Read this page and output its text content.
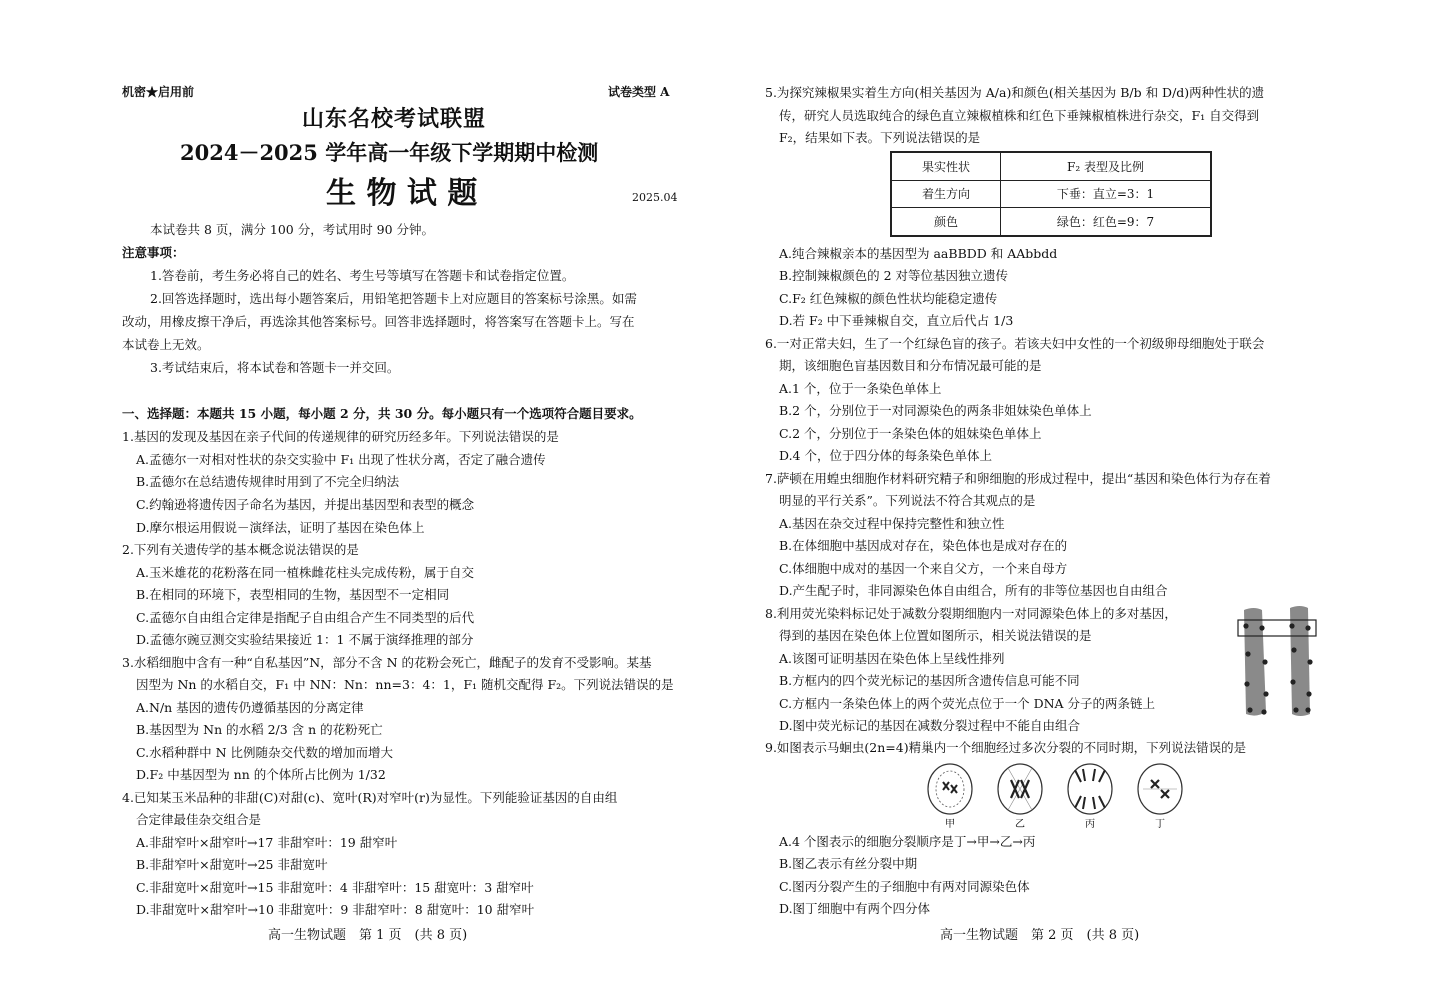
机密★启用前	试卷类型 A
山东名校考试联盟
2024－2025 学年高一年级下学期期中检测
生 物 试 题	2025.04
本试卷共 8 页，满分 100 分，考试用时 90 分钟。
注意事项：
1.答卷前，考生务必将自己的姓名、考生号等填写在答题卡和试卷指定位置。
2.回答选择题时，选出每小题答案后，用铅笔把答题卡上对应题目的答案标号涂黑。如需
改动，用橡皮擦干净后，再选涂其他答案标号。回答非选择题时，将答案写在答题卡上。写在
本试卷上无效。
3.考试结束后，将本试卷和答题卡一并交回。
一、选择题：本题共 15 小题，每小题 2 分，共 30 分。每小题只有一个选项符合题目要求。
1.基因的发现及基因在亲子代间的传递规律的研究历经多年。下列说法错误的是
A.孟德尔一对相对性状的杂交实验中 F₁ 出现了性状分离，否定了融合遗传
B.孟德尔在总结遗传规律时用到了不完全归纳法
C.约翰逊将遗传因子命名为基因，并提出基因型和表型的概念
D.摩尔根运用假说－演绎法，证明了基因在染色体上
2.下列有关遗传学的基本概念说法错误的是
A.玉米雄花的花粉落在同一植株雌花柱头完成传粉，属于自交
B.在相同的环境下，表型相同的生物，基因型不一定相同
C.孟德尔自由组合定律是指配子自由组合产生不同类型的后代
D.孟德尔豌豆测交实验结果接近 1：1 不属于演绎推理的部分
3.水稻细胞中含有一种“自私基因”N，部分不含 N 的花粉会死亡，雌配子的发育不受影响。某基
因型为 Nn 的水稻自交，F₁ 中 NN：Nn：nn=3：4：1，F₁ 随机交配得 F₂。下列说法错误的是
A.N/n 基因的遗传仍遵循基因的分离定律
B.基因型为 Nn 的水稻 2/3 含 n 的花粉死亡
C.水稻种群中 N 比例随杂交代数的增加而增大
D.F₂ 中基因型为 nn 的个体所占比例为 1/32
4.已知某玉米品种的非甜(C)对甜(c)、宽叶(R)对窄叶(r)为显性。下列能验证基因的自由组
合定律最佳杂交组合是
A.非甜窄叶×甜窄叶→17 非甜窄叶：19 甜窄叶
B.非甜窄叶×甜宽叶→25 非甜宽叶
C.非甜宽叶×甜宽叶→15 非甜宽叶：4 非甜窄叶：15 甜宽叶：3 甜窄叶
D.非甜宽叶×甜窄叶→10 非甜宽叶：9 非甜窄叶：8 甜宽叶：10 甜窄叶
高一生物试题　第 1 页　(共 8 页)
5.为探究辣椒果实着生方向(相关基因为 A/a)和颜色(相关基因为 B/b 和 D/d)两种性状的遗
传，研究人员选取纯合的绿色直立辣椒植株和红色下垂辣椒植株进行杂交，F₁ 自交得到
F₂，结果如下表。下列说法错误的是
果实性状	F₂ 表型及比例
着生方向	下垂：直立=3：1
颜色	绿色：红色=9：7
A.纯合辣椒亲本的基因型为 aaBBDD 和 AAbbdd
B.控制辣椒颜色的 2 对等位基因独立遗传
C.F₂ 红色辣椒的颜色性状均能稳定遗传
D.若 F₂ 中下垂辣椒自交，直立后代占 1/3
6.一对正常夫妇，生了一个红绿色盲的孩子。若该夫妇中女性的一个初级卵母细胞处于联会
期，该细胞色盲基因数目和分布情况最可能的是
A.1 个，位于一条染色单体上
B.2 个，分别位于一对同源染色的两条非姐妹染色单体上
C.2 个，分别位于一条染色体的姐妹染色单体上
D.4 个，位于四分体的每条染色单体上
7.萨顿在用蝗虫细胞作材料研究精子和卵细胞的形成过程中，提出“基因和染色体行为存在着
明显的平行关系”。下列说法不符合其观点的是
A.基因在杂交过程中保持完整性和独立性
B.在体细胞中基因成对存在，染色体也是成对存在的
C.体细胞中成对的基因一个来自父方，一个来自母方
D.产生配子时，非同源染色体自由组合，所有的非等位基因也自由组合
8.利用荧光染料标记处于减数分裂期细胞内一对同源染色体上的多对基因，
得到的基因在染色体上位置如图所示，相关说法错误的是
A.该图可证明基因在染色体上呈线性排列
B.方框内的四个荧光标记的基因所含遗传信息可能不同
C.方框内一条染色体上的两个荧光点位于一个 DNA 分子的两条链上
D.图中荧光标记的基因在减数分裂过程中不能自由组合
9.如图表示马蛔虫(2n=4)精巢内一个细胞经过多次分裂的不同时期，下列说法错误的是
甲	乙	丙	丁
A.4 个图表示的细胞分裂顺序是丁→甲→乙→丙
B.图乙表示有丝分裂中期
C.图丙分裂产生的子细胞中有两对同源染色体
D.图丁细胞中有两个四分体
高一生物试题　第 2 页　(共 8 页)
